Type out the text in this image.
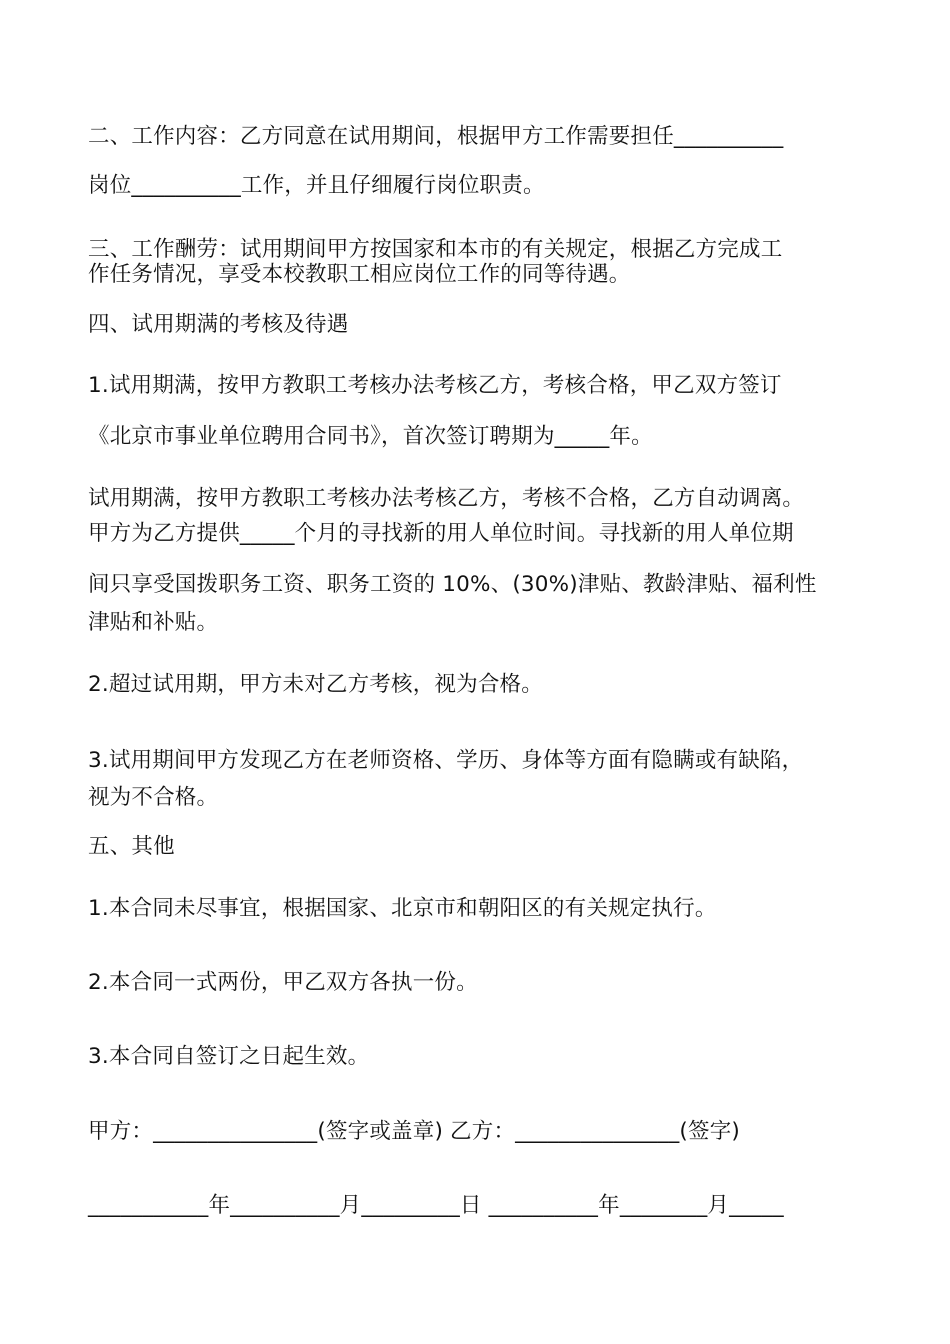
二、工作内容：乙方同意在试用期间，根据甲方工作需要担任__________
岗位__________工作，并且仔细履行岗位职责。
三、工作酬劳：试用期间甲方按国家和本市的有关规定，根据乙方完成工
作任务情况，享受本校教职工相应岗位工作的同等待遇。
四、试用期满的考核及待遇
1.试用期满，按甲方教职工考核办法考核乙方，考核合格，甲乙双方签订
《北京市事业单位聘用合同书》，首次签订聘期为_____年。
试用期满，按甲方教职工考核办法考核乙方，考核不合格，乙方自动调离。
甲方为乙方提供_____个月的寻找新的用人单位时间。寻找新的用人单位期
间只享受国拨职务工资、职务工资的 10%、(30%)津贴、教龄津贴、福利性
津贴和补贴。
2.超过试用期，甲方未对乙方考核，视为合格。
3.试用期间甲方发现乙方在老师资格、学历、身体等方面有隐瞒或有缺陷，
视为不合格。
五、其他
1.本合同未尽事宜，根据国家、北京市和朝阳区的有关规定执行。
2.本合同一式两份，甲乙双方各执一份。
3.本合同自签订之日起生效。
甲方：_______________(签字或盖章) 乙方：_______________(签字)
___________年__________月_________日 __________年________月_____
